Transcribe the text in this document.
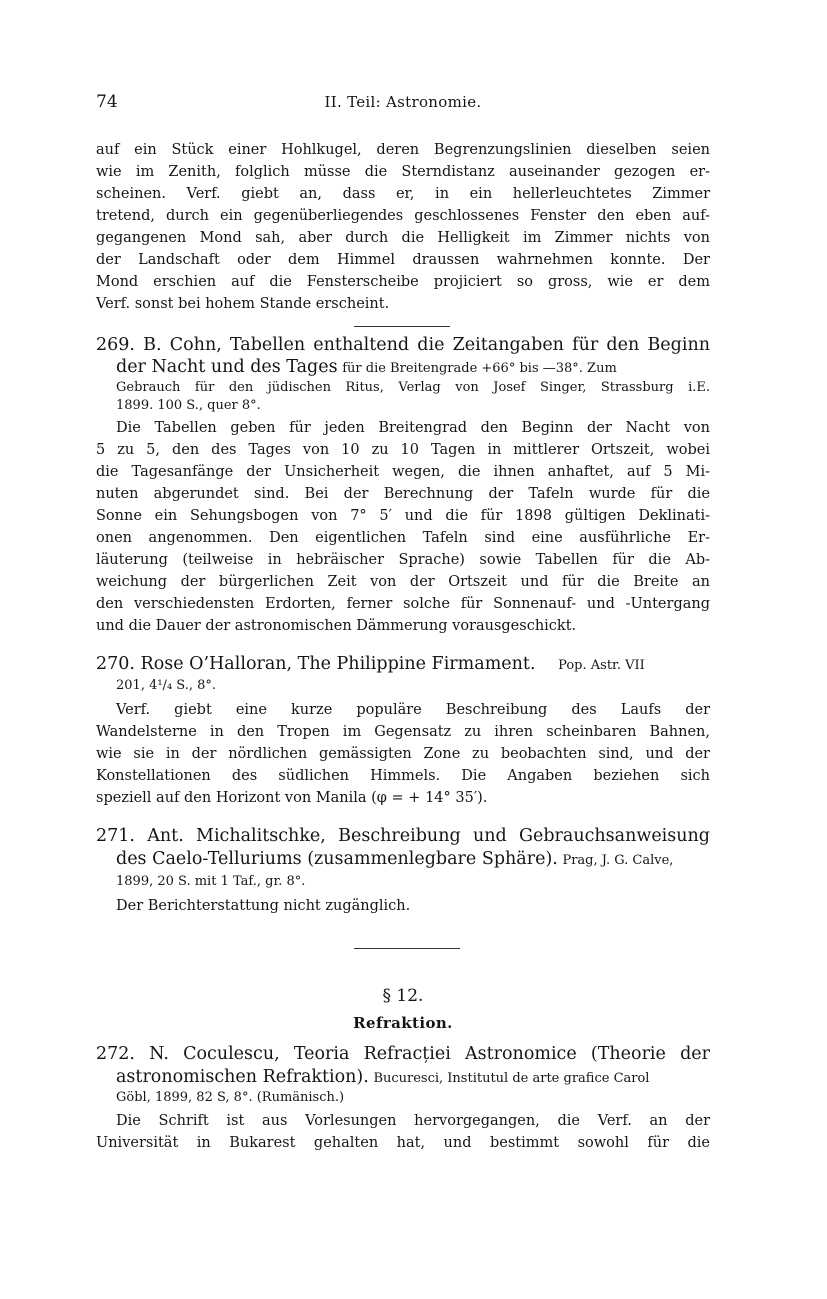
74	II. Teil: Astronomie.
auf ein Stück einer Hohlkugel, deren Begrenzungslinien dieselben seien
wie im Zenith, folglich müsse die Sterndistanz auseinander gezogen er-
scheinen. Verf. giebt an, dass er, in ein hellerleuchtetes Zimmer
tretend, durch ein gegenüberliegendes geschlossenes Fenster den eben auf-
gegangenen Mond sah, aber durch die Helligkeit im Zimmer nichts von
der Landschaft oder dem Himmel draussen wahrnehmen konnte. Der
Mond erschien auf die Fensterscheibe projiciert so gross, wie er dem
Verf. sonst bei hohem Stande erscheint.
269. B. Cohn, Tabellen enthaltend die Zeitangaben für den Beginn
der Nacht und des Tages für die Breitengrade +66° bis —38°. Zum
Gebrauch für den jüdischen Ritus, Verlag von Josef Singer, Strassburg i.E.
1899. 100 S., quer 8°.
Die Tabellen geben für jeden Breitengrad den Beginn der Nacht von
5 zu 5, den des Tages von 10 zu 10 Tagen in mittlerer Ortszeit, wobei
die Tagesanfänge der Unsicherheit wegen, die ihnen anhaftet, auf 5 Mi-
nuten abgerundet sind. Bei der Berechnung der Tafeln wurde für die
Sonne ein Sehungsbogen von 7° 5′ und die für 1898 gültigen Deklinati-
onen angenommen. Den eigentlichen Tafeln sind eine ausführliche Er-
läuterung (teilweise in hebräischer Sprache) sowie Tabellen für die Ab-
weichung der bürgerlichen Zeit von der Ortszeit und für die Breite an
den verschiedensten Erdorten, ferner solche für Sonnenauf- und -Untergang
und die Dauer der astronomischen Dämmerung vorausgeschickt.
270. Rose O’Halloran, The Philippine Firmament. Pop. Astr. VII
201, 4¹/₄ S., 8°.
Verf. giebt eine kurze populäre Beschreibung des Laufs der
Wandelsterne in den Tropen im Gegensatz zu ihren scheinbaren Bahnen,
wie sie in der nördlichen gemässigten Zone zu beobachten sind, und der
Konstellationen des südlichen Himmels. Die Angaben beziehen sich
speziell auf den Horizont von Manila (φ = + 14° 35′).
271. Ant. Michalitschke, Beschreibung und Gebrauchsanweisung
des Caelo-Telluriums (zusammenlegbare Sphäre). Prag, J. G. Calve,
1899, 20 S. mit 1 Taf., gr. 8°.
Der Berichterstattung nicht zugänglich.
§ 12.
Refraktion.
272. N. Coculescu, Teoria Refracției Astronomice (Theorie der
astronomischen Refraktion). Bucuresci, Institutul de arte grafice Carol
Göbl, 1899, 82 S, 8°. (Rumänisch.)
Die Schrift ist aus Vorlesungen hervorgegangen, die Verf. an der
Universität in Bukarest gehalten hat, und bestimmt sowohl für die
